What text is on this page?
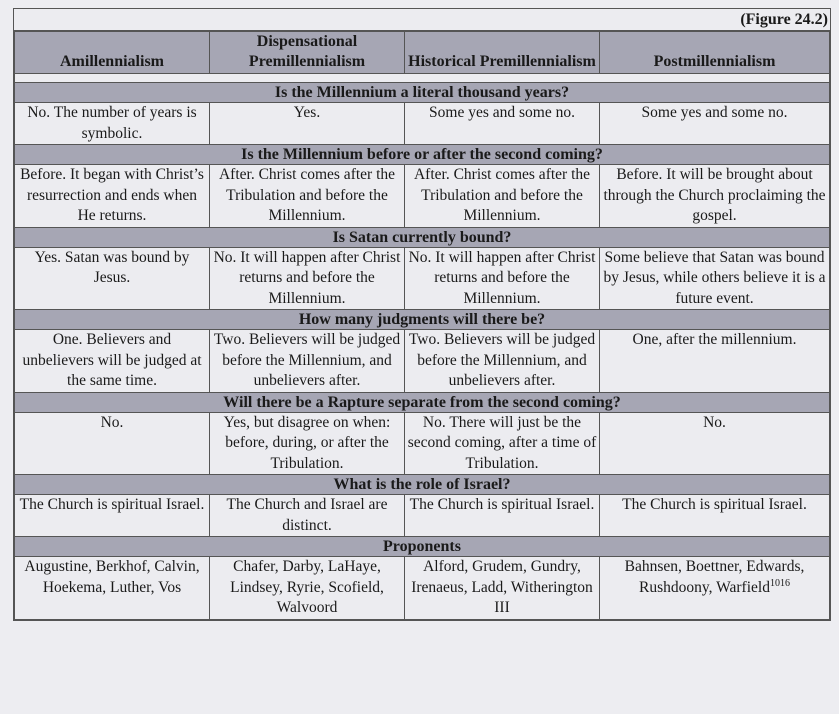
(Figure 24.2)
Amillennialism	Dispensational Premillennialism	Historical Premillennialism	Postmillennialism

Is the Millennium a literal thousand years?			
No. The number of years is symbolic.	Yes.	Some yes and some no.	Some yes and some no.
Is the Millennium before or after the second coming?			
Before. It began with Christ’s resurrection and ends when He returns.	After. Christ comes after the Tribulation and before the Millennium.	After. Christ comes after the Tribulation and before the Millennium.	Before. It will be brought about through the Church proclaiming the gospel.
Is Satan currently bound?			
Yes. Satan was bound by Jesus.	No. It will happen after Christ returns and before the Millennium.	No. It will happen after Christ returns and before the Millennium.	Some believe that Satan was bound by Jesus, while others believe it is a future event.
How many judgments will there be?			
One. Believers and unbelievers will be judged at the same time.	Two. Believers will be judged before the Millennium, and unbelievers after.	Two. Believers will be judged before the Millennium, and unbelievers after.	One, after the millennium.
Will there be a Rapture separate from the second coming?			
No.	Yes, but disagree on when: before, during, or after the Tribulation.	No. There will just be the second coming, after a time of Tribulation.	No.
What is the role of Israel?			
The Church is spiritual Israel.	The Church and Israel are distinct.	The Church is spiritual Israel.	The Church is spiritual Israel.
Proponents			
Augustine, Berkhof, Calvin, Hoekema, Luther, Vos	Chafer, Darby, LaHaye, Lindsey, Ryrie, Scofield, Walvoord	Alford, Grudem, Gundry, Irenaeus, Ladd, Witherington III	Bahnsen, Boettner, Edwards, Rushdoony, Warfield$^{1016}$
